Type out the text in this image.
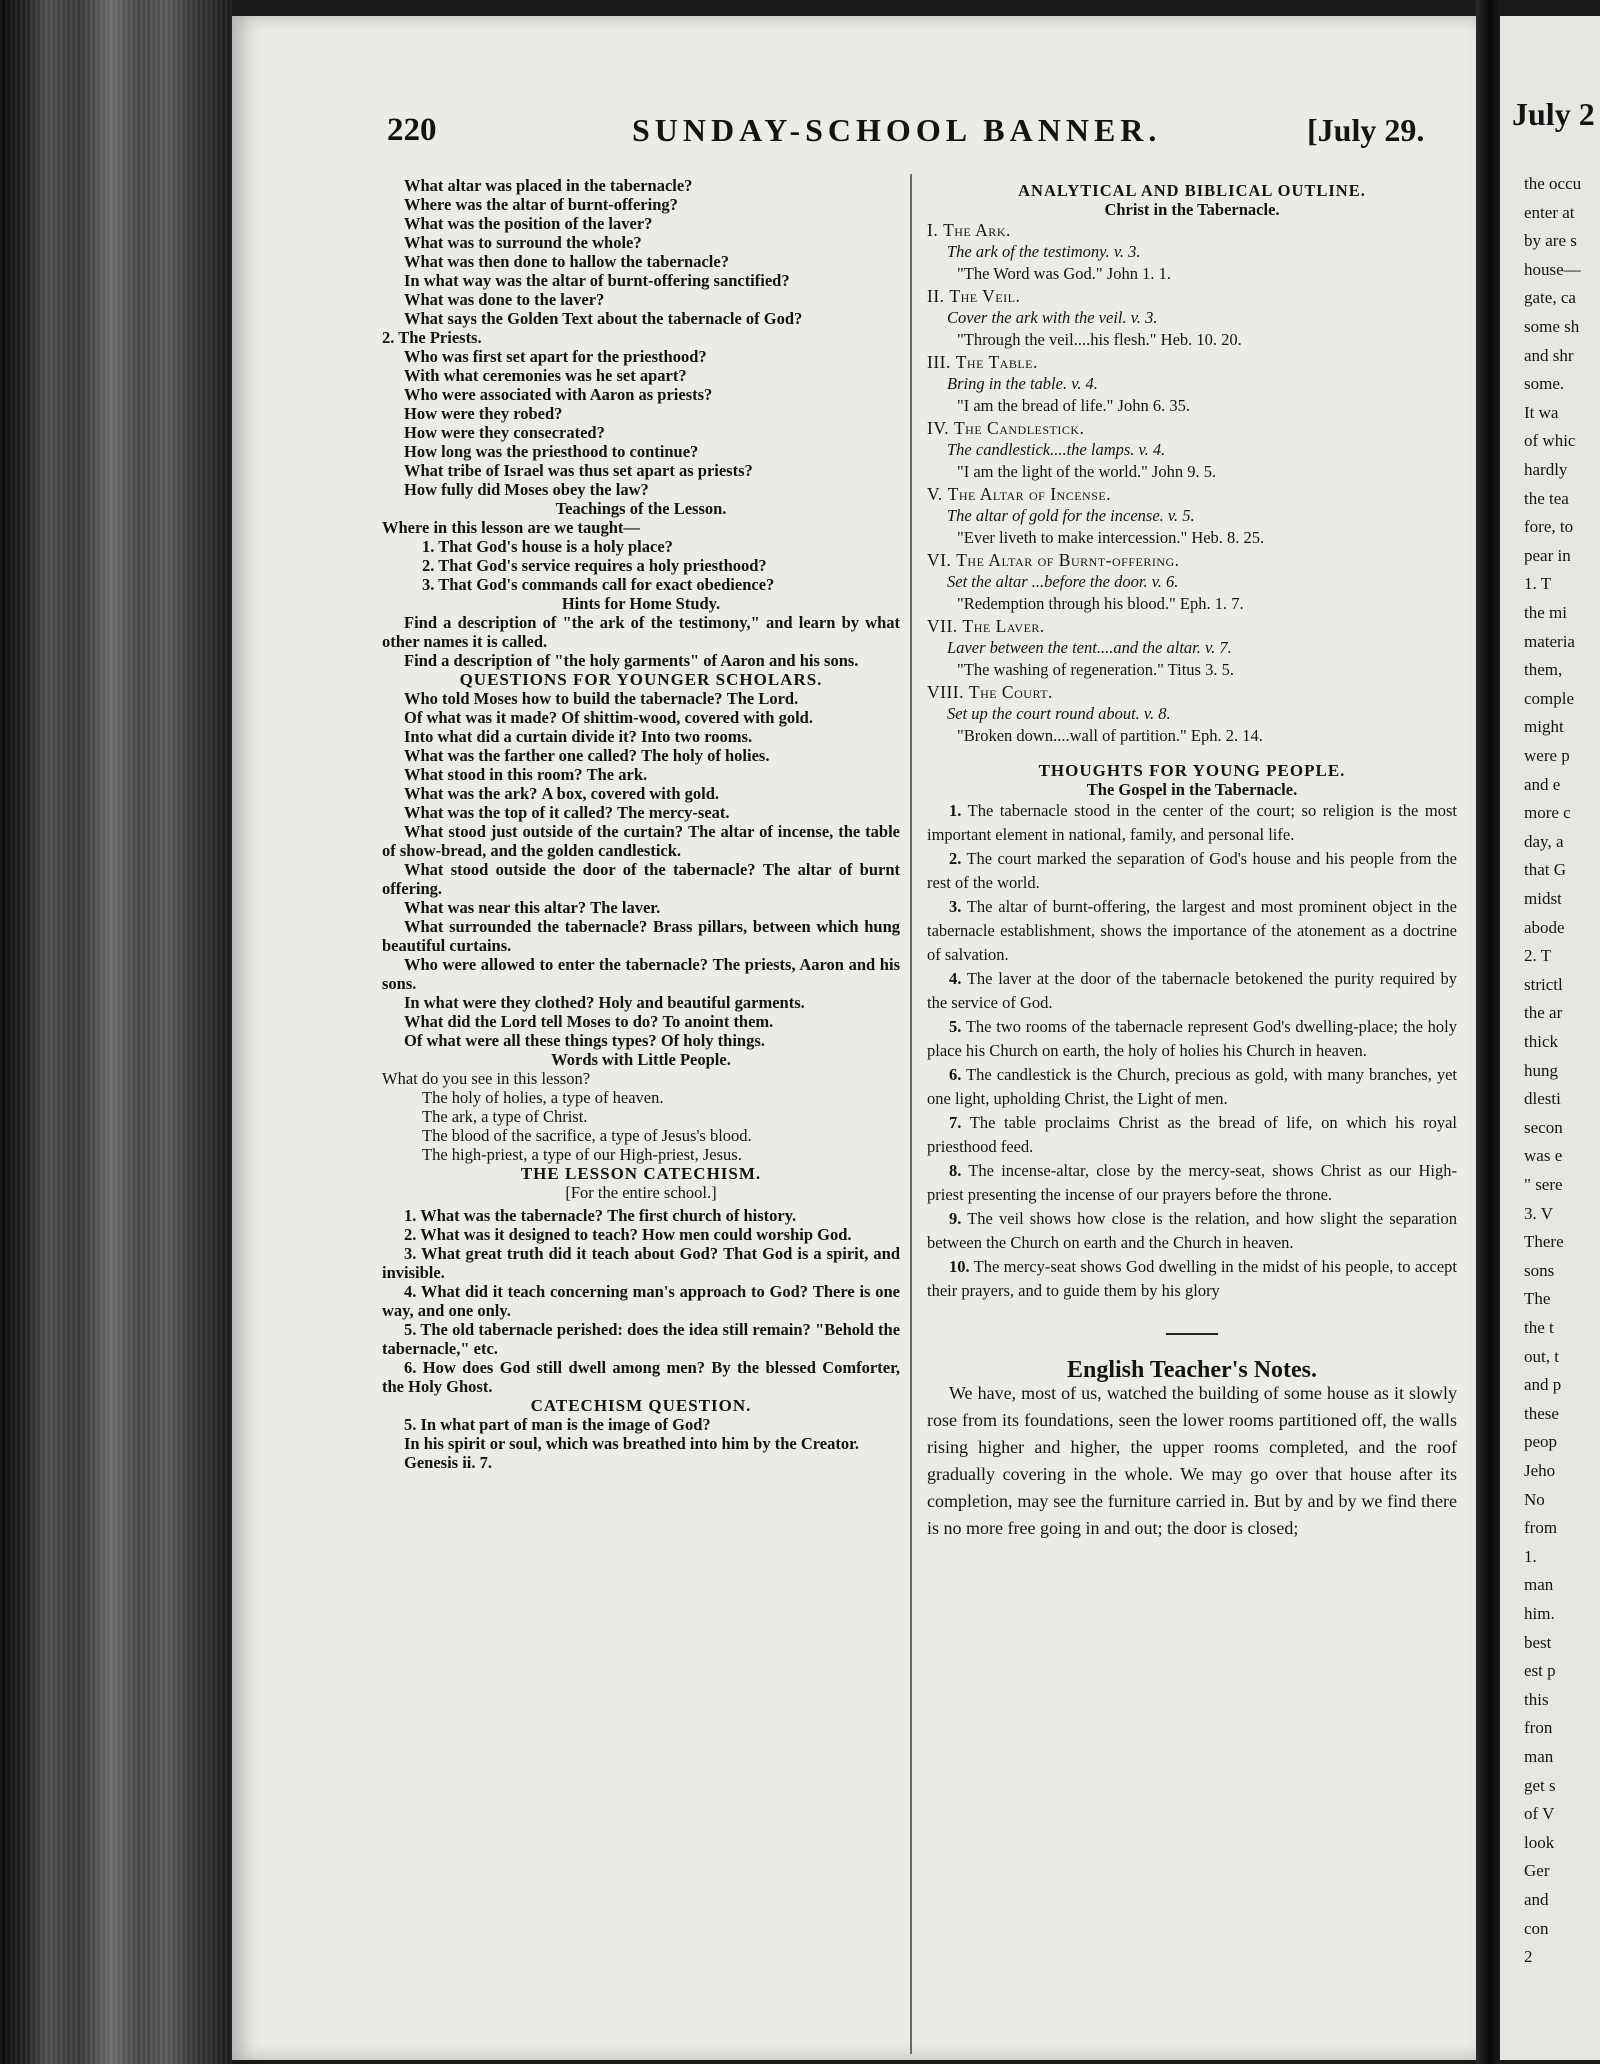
220	SUNDAY-SCHOOL BANNER.	[July 29.

What altar was placed in the tabernacle?

Where was the altar of burnt-offering?

What was the position of the laver?

What was to surround the whole?

What was then done to hallow the tabernacle?

In what way was the altar of burnt-offering sanctified?

What was done to the laver?

What says the Golden Text about the tabernacle of God?

2. The Priests.

Who was first set apart for the priesthood?

With what ceremonies was he set apart?

Who were associated with Aaron as priests?

How were they robed?

How were they consecrated?

How long was the priesthood to continue?

What tribe of Israel was thus set apart as priests?

How fully did Moses obey the law?

Teachings of the Lesson.

Where in this lesson are we taught—

1. That God's house is a holy place?

2. That God's service requires a holy priesthood?

3. That God's commands call for exact obedience?

Hints for Home Study.

Find a description of "the ark of the testimony," and learn by what other names it is called.

Find a description of "the holy garments" of Aaron and his sons.

QUESTIONS FOR YOUNGER SCHOLARS.

Who told Moses how to build the tabernacle? The Lord.

Of what was it made? Of shittim-wood, covered with gold.

Into what did a curtain divide it? Into two rooms.

What was the farther one called? The holy of holies.

What stood in this room? The ark.

What was the ark? A box, covered with gold.

What was the top of it called? The mercy-seat.

What stood just outside of the curtain? The altar of incense, the table of show-bread, and the golden candlestick.

What stood outside the door of the tabernacle? The altar of burnt offering.

What was near this altar? The laver.

What surrounded the tabernacle? Brass pillars, between which hung beautiful curtains.

Who were allowed to enter the tabernacle? The priests, Aaron and his sons.

In what were they clothed? Holy and beautiful garments.

What did the Lord tell Moses to do? To anoint them.

Of what were all these things types? Of holy things.

Words with Little People.

What do you see in this lesson?

The holy of holies, a type of heaven.

The ark, a type of Christ.

The blood of the sacrifice, a type of Jesus's blood.

The high-priest, a type of our High-priest, Jesus.

THE LESSON CATECHISM.

[For the entire school.]

1. What was the tabernacle? The first church of history.

2. What was it designed to teach? How men could worship God.

3. What great truth did it teach about God? That God is a spirit, and invisible.

4. What did it teach concerning man's approach to God? There is one way, and one only.

5. The old tabernacle perished: does the idea still remain? "Behold the tabernacle," etc.

6. How does God still dwell among men? By the blessed Comforter, the Holy Ghost.

CATECHISM QUESTION.

5. In what part of man is the image of God?

In his spirit or soul, which was breathed into him by the Creator.

Genesis ii. 7.

ANALYTICAL AND BIBLICAL OUTLINE.

Christ in the Tabernacle.

I. The Ark.

The ark of the testimony. v. 3.

"The Word was God." John 1. 1.

II. The Veil.

Cover the ark with the veil. v. 3.

"Through the veil....his flesh." Heb. 10. 20.

III. The Table.

Bring in the table. v. 4.

"I am the bread of life." John 6. 35.

IV. The Candlestick.

The candlestick....the lamps. v. 4.

"I am the light of the world." John 9. 5.

V. The Altar of Incense.

The altar of gold for the incense. v. 5.

"Ever liveth to make intercession." Heb. 8. 25.

VI. The Altar of Burnt-offering.

Set the altar ...before the door. v. 6.

"Redemption through his blood." Eph. 1. 7.

VII. The Laver.

Laver between the tent....and the altar. v. 7.

"The washing of regeneration." Titus 3. 5.

VIII. The Court.

Set up the court round about. v. 8.

"Broken down....wall of partition." Eph. 2. 14.

THOUGHTS FOR YOUNG PEOPLE.

The Gospel in the Tabernacle.

1. The tabernacle stood in the center of the court; so religion is the most important element in national, family, and personal life.

2. The court marked the separation of God's house and his people from the rest of the world.

3. The altar of burnt-offering, the largest and most prominent object in the tabernacle establishment, shows the importance of the atonement as a doctrine of salvation.

4. The laver at the door of the tabernacle betokened the purity required by the service of God.

5. The two rooms of the tabernacle represent God's dwelling-place; the holy place his Church on earth, the holy of holies his Church in heaven.

6. The candlestick is the Church, precious as gold, with many branches, yet one light, upholding Christ, the Light of men.

7. The table proclaims Christ as the bread of life, on which his royal priesthood feed.

8. The incense-altar, close by the mercy-seat, shows Christ as our High-priest presenting the incense of our prayers before the throne.

9. The veil shows how close is the relation, and how slight the separation between the Church on earth and the Church in heaven.

10. The mercy-seat shows God dwelling in the midst of his people, to accept their prayers, and to guide them by his glory

English Teacher's Notes.

We have, most of us, watched the building of some house as it slowly rose from its foundations, seen the lower rooms partitioned off, the walls rising higher and higher, the upper rooms completed, and the roof gradually covering in the whole. We may go over that house after its completion, may see the furniture carried in. But by and by we find there is no more free going in and out; the door is closed;

July 2
the occu
enter at
by are s
house—
gate, ca
some sh
and shr
some.
It wa
of whic
hardly
the tea
fore, to
pear in
1. T
the mi
materia
them,
comple
might
were p
and e
more c
day, a
that G
midst
abode
2. T
strictl
the ar
thick
hung
dlesti
secon
was e
" sere
3. V
There
sons
The
the t
out, t
and p
these
peop
Jeho
No
from
1.
man
him.
best
est p
this
fron
man
get s
of V
look
Ger
and
con
2
